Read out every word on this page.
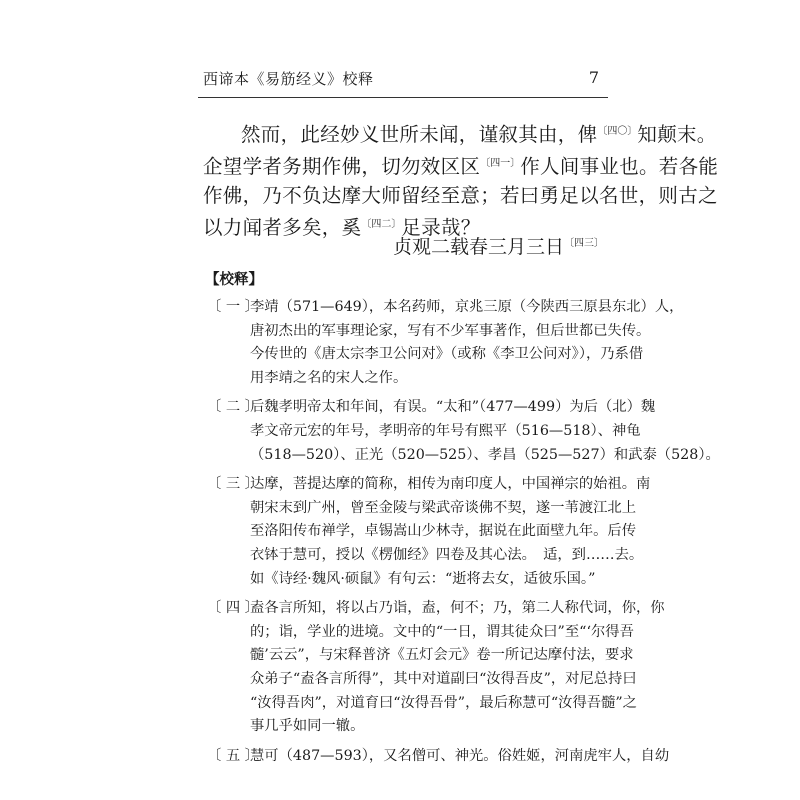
西谛本《易筋经义》校释	7
然而，此经妙义世所未闻，谨叙其由，俾$^{〔四〇〕}$知颠末。
企望学者务期作佛，切勿效区区$^{〔四一〕}$作人间事业也。若各能
作佛，乃不负达摩大师留经至意；若曰勇足以名世，则古之
以力闻者多矣，奚$^{〔四二〕}$足录哉？
贞观二载春三月三日$^{〔四三〕}$
【校释】
〔 一 〕
李靖（571—649），本名药师，京兆三原（今陕西三原县东北）人，
唐初杰出的军事理论家，写有不少军事著作，但后世都已失传。
今传世的《唐太宗李卫公问对》（或称《李卫公问对》），乃系借
用李靖之名的宋人之作。
〔 二 〕
后魏孝明帝太和年间，有误。“太和”（477—499）为后（北）魏
孝文帝元宏的年号，孝明帝的年号有熙平（516—518）、神龟
（518—520）、正光（520—525）、孝昌（525—527）和武泰（528）。
〔 三 〕
达摩，菩提达摩的简称，相传为南印度人，中国禅宗的始祖。南
朝宋末到广州，曾至金陵与梁武帝谈佛不契，遂一苇渡江北上
至洛阳传布禅学，卓锡嵩山少林寺，据说在此面壁九年。后传
衣钵于慧可，授以《楞伽经》四卷及其心法。　适，到……去。
如《诗经·魏风·硕鼠》有句云：“逝将去女，适彼乐国。”
〔 四 〕
盍各言所知，将以占乃诣，盍，何不；乃，第二人称代词，你，你
的；诣，学业的进境。文中的“一日，谓其徒众曰”至“‘尔得吾
髓’云云”，与宋释普济《五灯会元》卷一所记达摩付法，要求
众弟子“盍各言所得”，其中对道副曰“汝得吾皮”，对尼总持曰
“汝得吾肉”，对道育曰“汝得吾骨”，最后称慧可“汝得吾髓”之
事几乎如同一辙。
〔 五 〕
慧可（487—593），又名僧可、神光。俗姓姬，河南虎牢人，自幼
